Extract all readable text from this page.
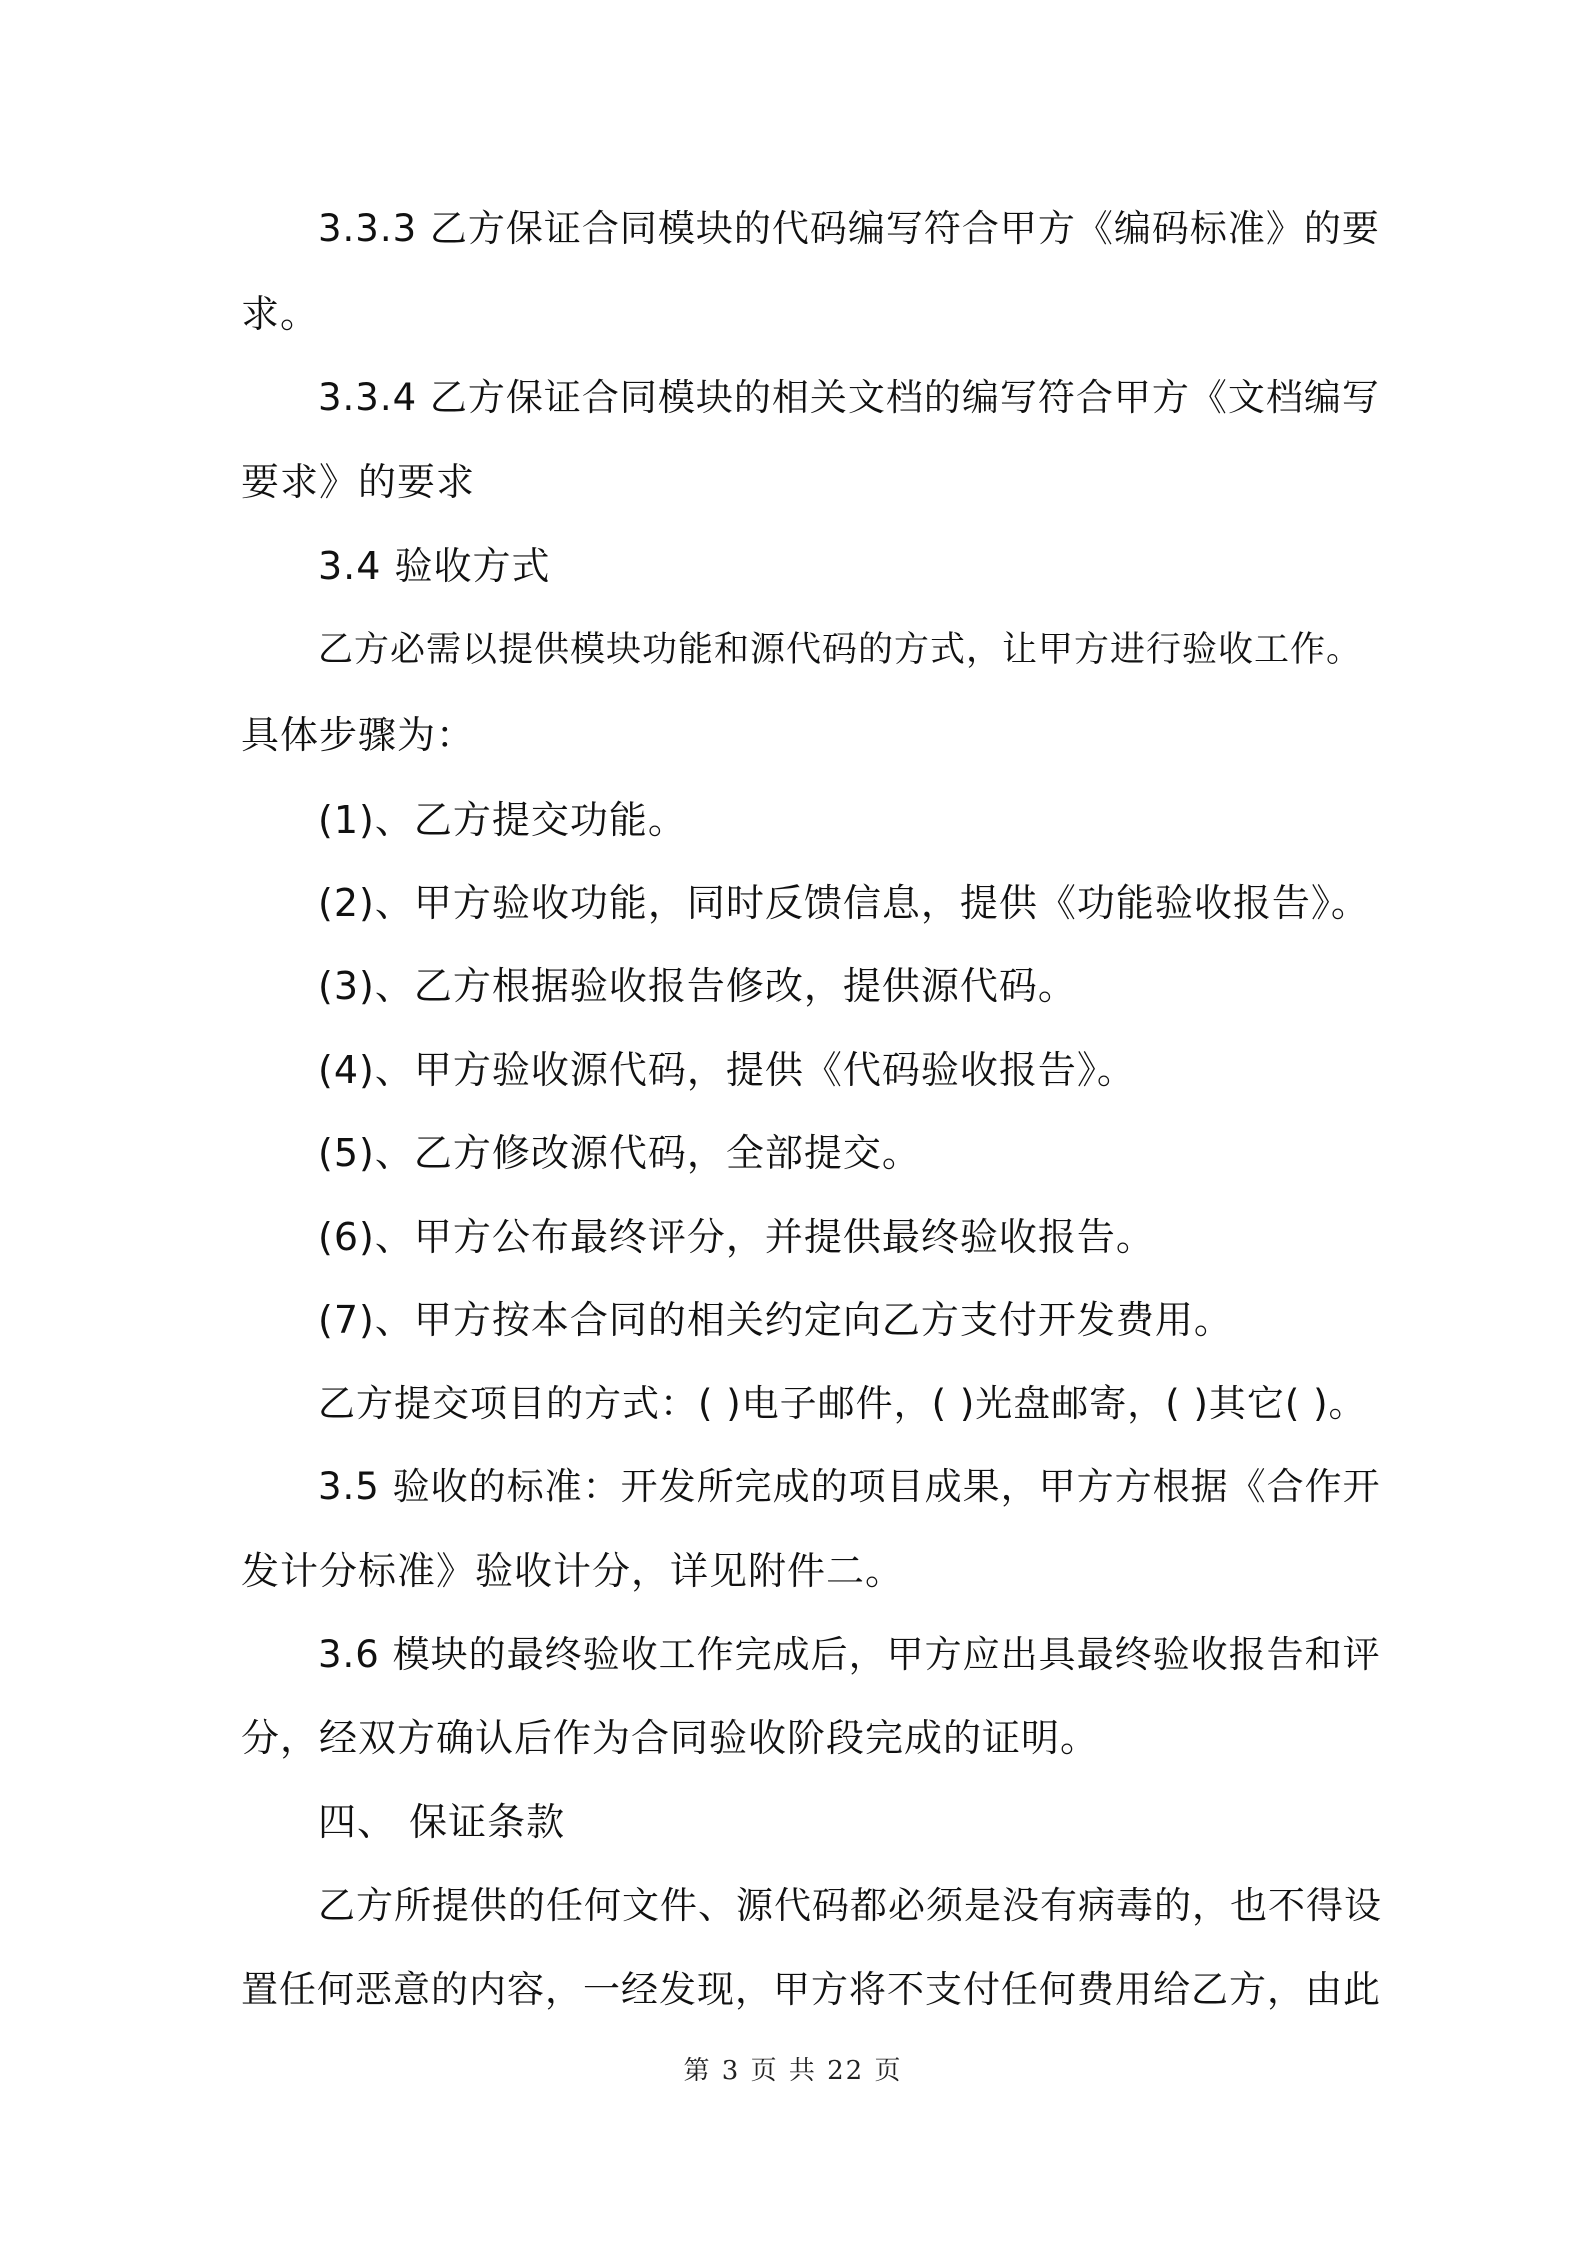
3.3.3 乙方保证合同模块的代码编写符合甲方《编码标准》的要
求。
3.3.4 乙方保证合同模块的相关文档的编写符合甲方《文档编写
要求》的要求
3.4 验收方式
乙方必需以提供模块功能和源代码的方式，让甲方进行验收工作。
具体步骤为：
(1)、乙方提交功能。
(2)、甲方验收功能，同时反馈信息，提供《功能验收报告》。
(3)、乙方根据验收报告修改，提供源代码。
(4)、甲方验收源代码，提供《代码验收报告》。
(5)、乙方修改源代码，全部提交。
(6)、甲方公布最终评分，并提供最终验收报告。
(7)、甲方按本合同的相关约定向乙方支付开发费用。
乙方提交项目的方式：( )电子邮件，( )光盘邮寄，( )其它( )。
3.5 验收的标准：开发所完成的项目成果，甲方方根据《合作开
发计分标准》验收计分，详见附件二。
3.6 模块的最终验收工作完成后，甲方应出具最终验收报告和评
分，经双方确认后作为合同验收阶段完成的证明。
四、 保证条款
乙方所提供的任何文件、源代码都必须是没有病毒的，也不得设
置任何恶意的内容，一经发现，甲方将不支付任何费用给乙方，由此
第 3 页 共 22 页
